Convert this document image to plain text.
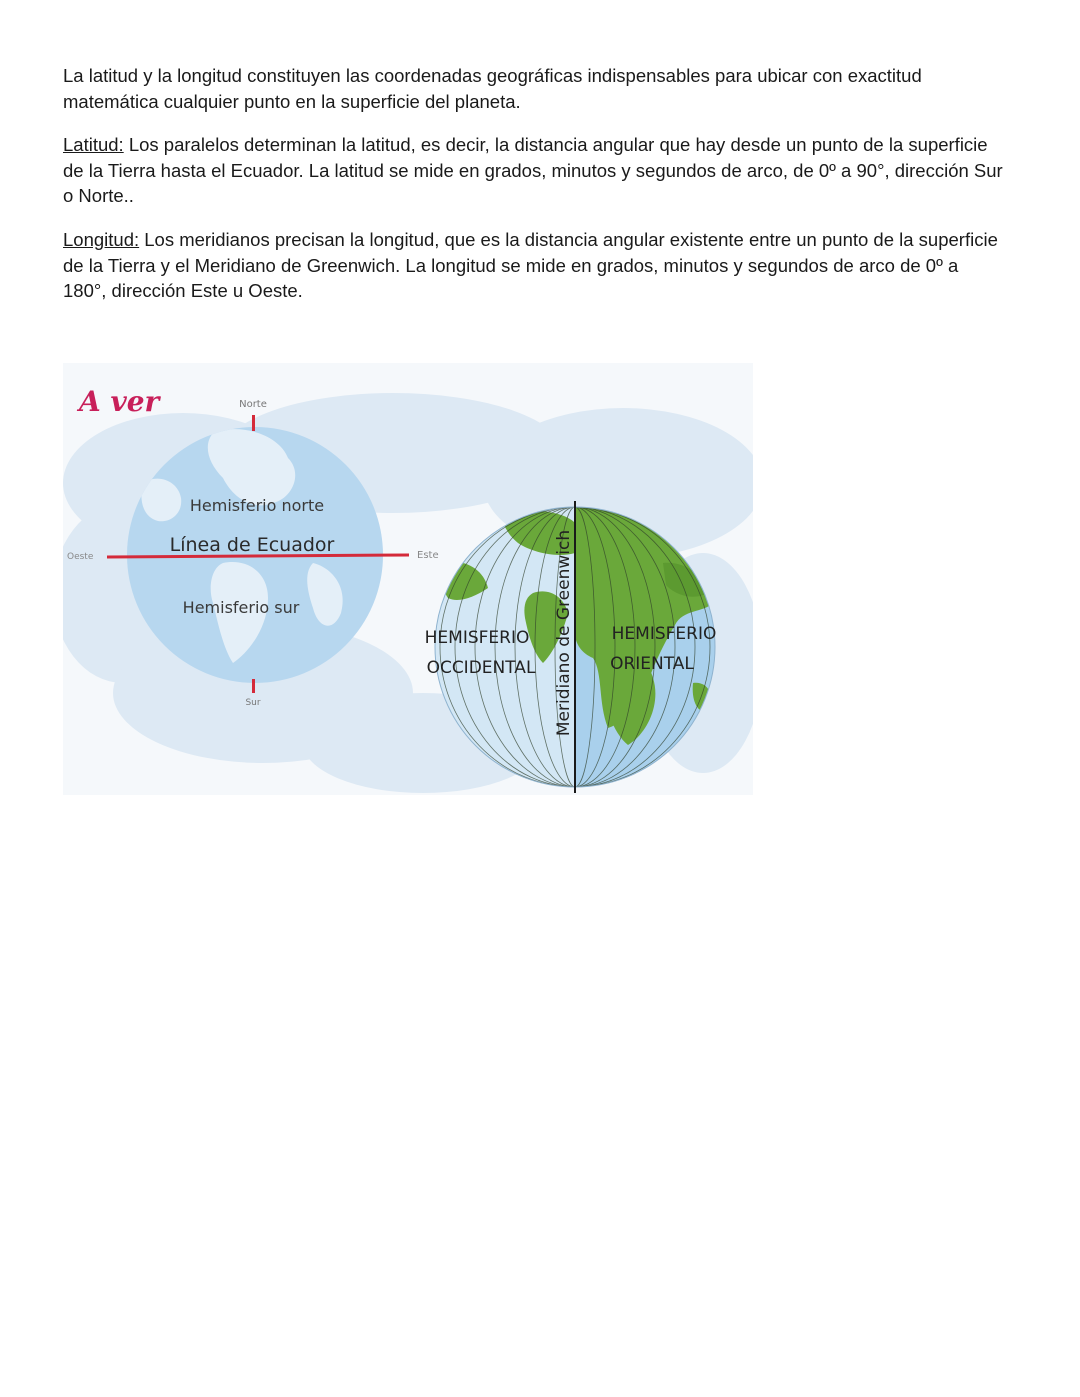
La latitud y la longitud constituyen las coordenadas geográficas indispensables para ubicar con exactitud matemática cualquier punto en la superficie del planeta.

Latitud: Los paralelos determinan la latitud, es decir, la distancia angular que hay desde un punto de la superficie de la Tierra hasta el Ecuador. La latitud se mide en grados, minutos y segundos de arco, de 0º a 90°, dirección Sur o Norte..

Longitud: Los meridianos precisan la longitud, que es la distancia angular existente entre un punto de la superficie de la Tierra y el Meridiano de Greenwich. La longitud se mide en grados, minutos y segundos de arco de 0º a 180°, dirección Este u Oeste.

Norte
Sur
Oeste	Este
Hemisferio norte
Línea de Ecuador
Hemisferio sur
A ver
Meridiano de Greenwich
HEMISFERIO
OCCIDENTAL
HEMISFERIO
ORIENTAL
